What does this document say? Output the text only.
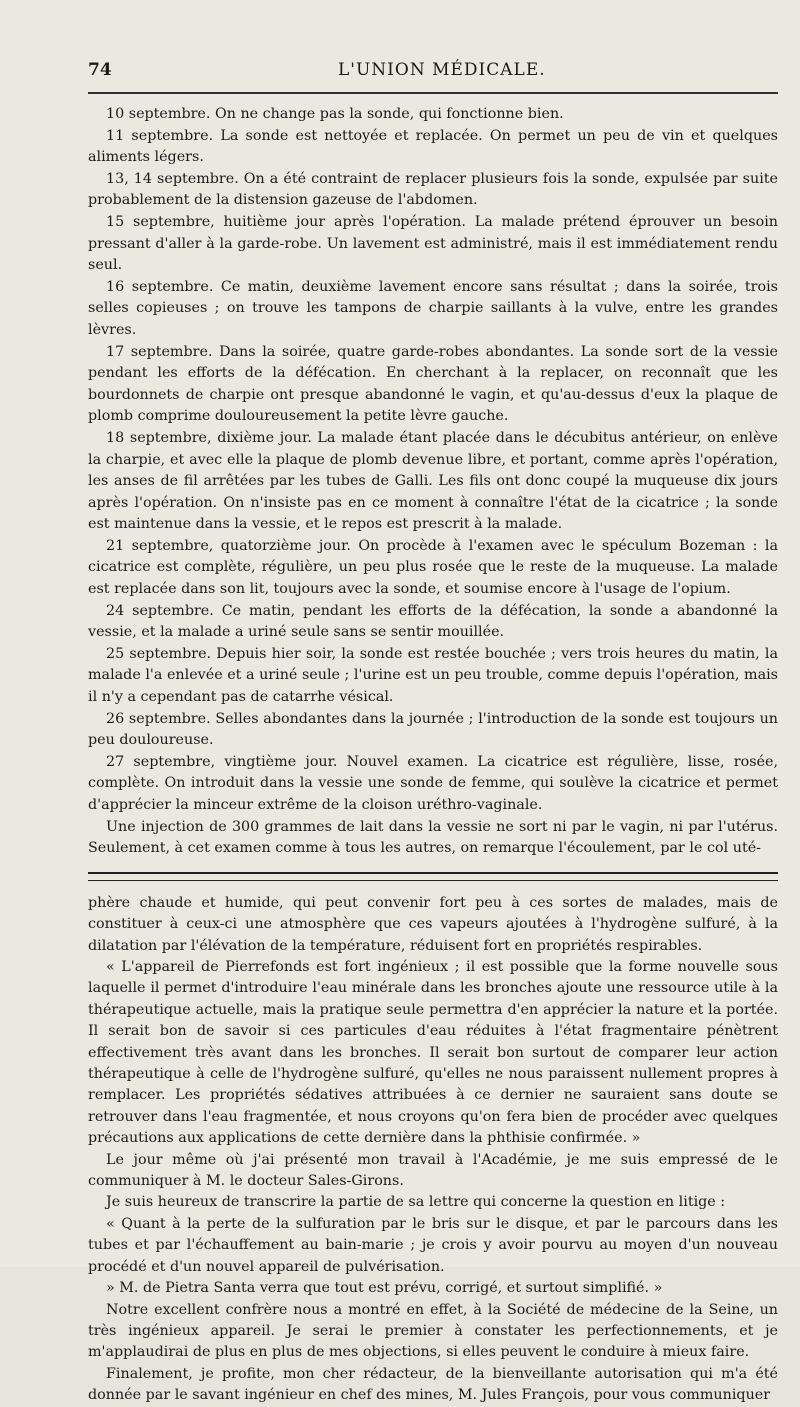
74	L'UNION MÉDICALE.

10 septembre. On ne change pas la sonde, qui fonctionne bien.

11 septembre. La sonde est nettoyée et replacée. On permet un peu de vin et quelques aliments légers.

13, 14 septembre. On a été contraint de replacer plusieurs fois la sonde, expulsée par suite probablement de la distension gazeuse de l'abdomen.

15 septembre, huitième jour après l'opération. La malade prétend éprouver un besoin pressant d'aller à la garde-robe. Un lavement est administré, mais il est immédiatement rendu seul.

16 septembre. Ce matin, deuxième lavement encore sans résultat ; dans la soirée, trois selles copieuses ; on trouve les tampons de charpie saillants à la vulve, entre les grandes lèvres.

17 septembre. Dans la soirée, quatre garde-robes abondantes. La sonde sort de la vessie pendant les efforts de la défécation. En cherchant à la replacer, on reconnaît que les bourdonnets de charpie ont presque abandonné le vagin, et qu'au-dessus d'eux la plaque de plomb comprime douloureusement la petite lèvre gauche.

18 septembre, dixième jour. La malade étant placée dans le décubitus antérieur, on enlève la charpie, et avec elle la plaque de plomb devenue libre, et portant, comme après l'opération, les anses de fil arrêtées par les tubes de Galli. Les fils ont donc coupé la muqueuse dix jours après l'opération. On n'insiste pas en ce moment à connaître l'état de la cicatrice ; la sonde est maintenue dans la vessie, et le repos est prescrit à la malade.

21 septembre, quatorzième jour. On procède à l'examen avec le spéculum Bozeman : la cicatrice est complète, régulière, un peu plus rosée que le reste de la muqueuse. La malade est replacée dans son lit, toujours avec la sonde, et soumise encore à l'usage de l'opium.

24 septembre. Ce matin, pendant les efforts de la défécation, la sonde a abandonné la vessie, et la malade a uriné seule sans se sentir mouillée.

25 septembre. Depuis hier soir, la sonde est restée bouchée ; vers trois heures du matin, la malade l'a enlevée et a uriné seule ; l'urine est un peu trouble, comme depuis l'opération, mais il n'y a cependant pas de catarrhe vésical.

26 septembre. Selles abondantes dans la journée ; l'introduction de la sonde est toujours un peu douloureuse.

27 septembre, vingtième jour. Nouvel examen. La cicatrice est régulière, lisse, rosée, complète. On introduit dans la vessie une sonde de femme, qui soulève la cicatrice et permet d'apprécier la minceur extrême de la cloison uréthro-vaginale.

Une injection de 300 grammes de lait dans la vessie ne sort ni par le vagin, ni par l'utérus. Seulement, à cet examen comme à tous les autres, on remarque l'écoulement, par le col uté-

phère chaude et humide, qui peut convenir fort peu à ces sortes de malades, mais de constituer à ceux-ci une atmosphère que ces vapeurs ajoutées à l'hydrogène sulfuré, à la dilatation par l'élévation de la température, réduisent fort en propriétés respirables.

« L'appareil de Pierrefonds est fort ingénieux ; il est possible que la forme nouvelle sous laquelle il permet d'introduire l'eau minérale dans les bronches ajoute une ressource utile à la thérapeutique actuelle, mais la pratique seule permettra d'en apprécier la nature et la portée. Il serait bon de savoir si ces particules d'eau réduites à l'état fragmentaire pénètrent effectivement très avant dans les bronches. Il serait bon surtout de comparer leur action thérapeutique à celle de l'hydrogène sulfuré, qu'elles ne nous paraissent nullement propres à remplacer. Les propriétés sédatives attribuées à ce dernier ne sauraient sans doute se retrouver dans l'eau fragmentée, et nous croyons qu'on fera bien de procéder avec quelques précautions aux applications de cette dernière dans la phthisie confirmée. »

Le jour même où j'ai présenté mon travail à l'Académie, je me suis empressé de le communiquer à M. le docteur Sales-Girons.

Je suis heureux de transcrire la partie de sa lettre qui concerne la question en litige :

« Quant à la perte de la sulfuration par le bris sur le disque, et par le parcours dans les tubes et par l'échauffement au bain-marie ; je crois y avoir pourvu au moyen d'un nouveau procédé et d'un nouvel appareil de pulvérisation.

» M. de Pietra Santa verra que tout est prévu, corrigé, et surtout simplifié. »

Notre excellent confrère nous a montré en effet, à la Société de médecine de la Seine, un très ingénieux appareil. Je serai le premier à constater les perfectionnements, et je m'applaudirai de plus en plus de mes objections, si elles peuvent le conduire à mieux faire.

Finalement, je profite, mon cher rédacteur, de la bienveillante autorisation qui m'a été donnée par le savant ingénieur en chef des mines, M. Jules François, pour vous communiquer
